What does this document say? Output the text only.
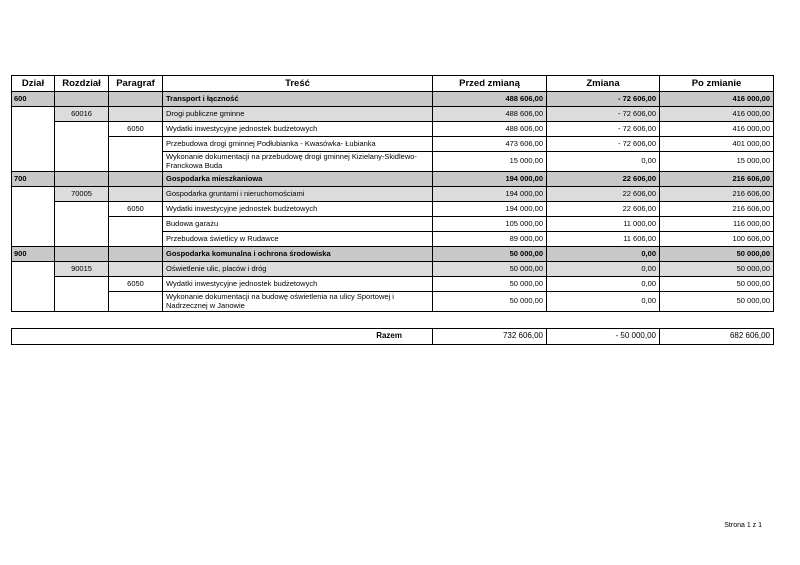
Dział	Rozdział	Paragraf	Treść	Przed zmianą	Zmiana	Po zmianie
600			Transport i łączność	488 606,00	- 72 606,00	416 000,00
	60016		Drogi publiczne gminne	488 606,00	- 72 606,00	416 000,00
		6050	Wydatki inwestycyjne jednostek budżetowych	488 606,00	- 72 606,00	416 000,00
			Przebudowa drogi gminnej Podłubianka - Kwasówka- Łubianka	473 606,00	- 72 606,00	401 000,00
			Wykonanie dokumentacji na przebudowę drogi gminnej Kizielany-Skidlewo-Franckowa Buda	15 000,00	0,00	15 000,00
700			Gospodarka mieszkaniowa	194 000,00	22 606,00	216 606,00
	70005		Gospodarka gruntami i nieruchomościami	194 000,00	22 606,00	216 606,00
		6050	Wydatki inwestycyjne jednostek budżetowych	194 000,00	22 606,00	216 606,00
			Budowa garażu	105 000,00	11 000,00	116 000,00
			Przebudowa świetlicy w Rudawce	89 000,00	11 606,00	100 606,00
900			Gospodarka komunalna i ochrona środowiska	50 000,00	0,00	50 000,00
	90015		Oświetlenie ulic, placów i dróg	50 000,00	0,00	50 000,00
		6050	Wydatki inwestycyjne jednostek budżetowych	50 000,00	0,00	50 000,00
			Wykonanie dokumentacji na budowę oświetlenia na ulicy Sportowej i Nadrzecznej w Janowie	50 000,00	0,00	50 000,00
Razem	732 606,00	- 50 000,00	682 606,00
Strona 1 z 1
